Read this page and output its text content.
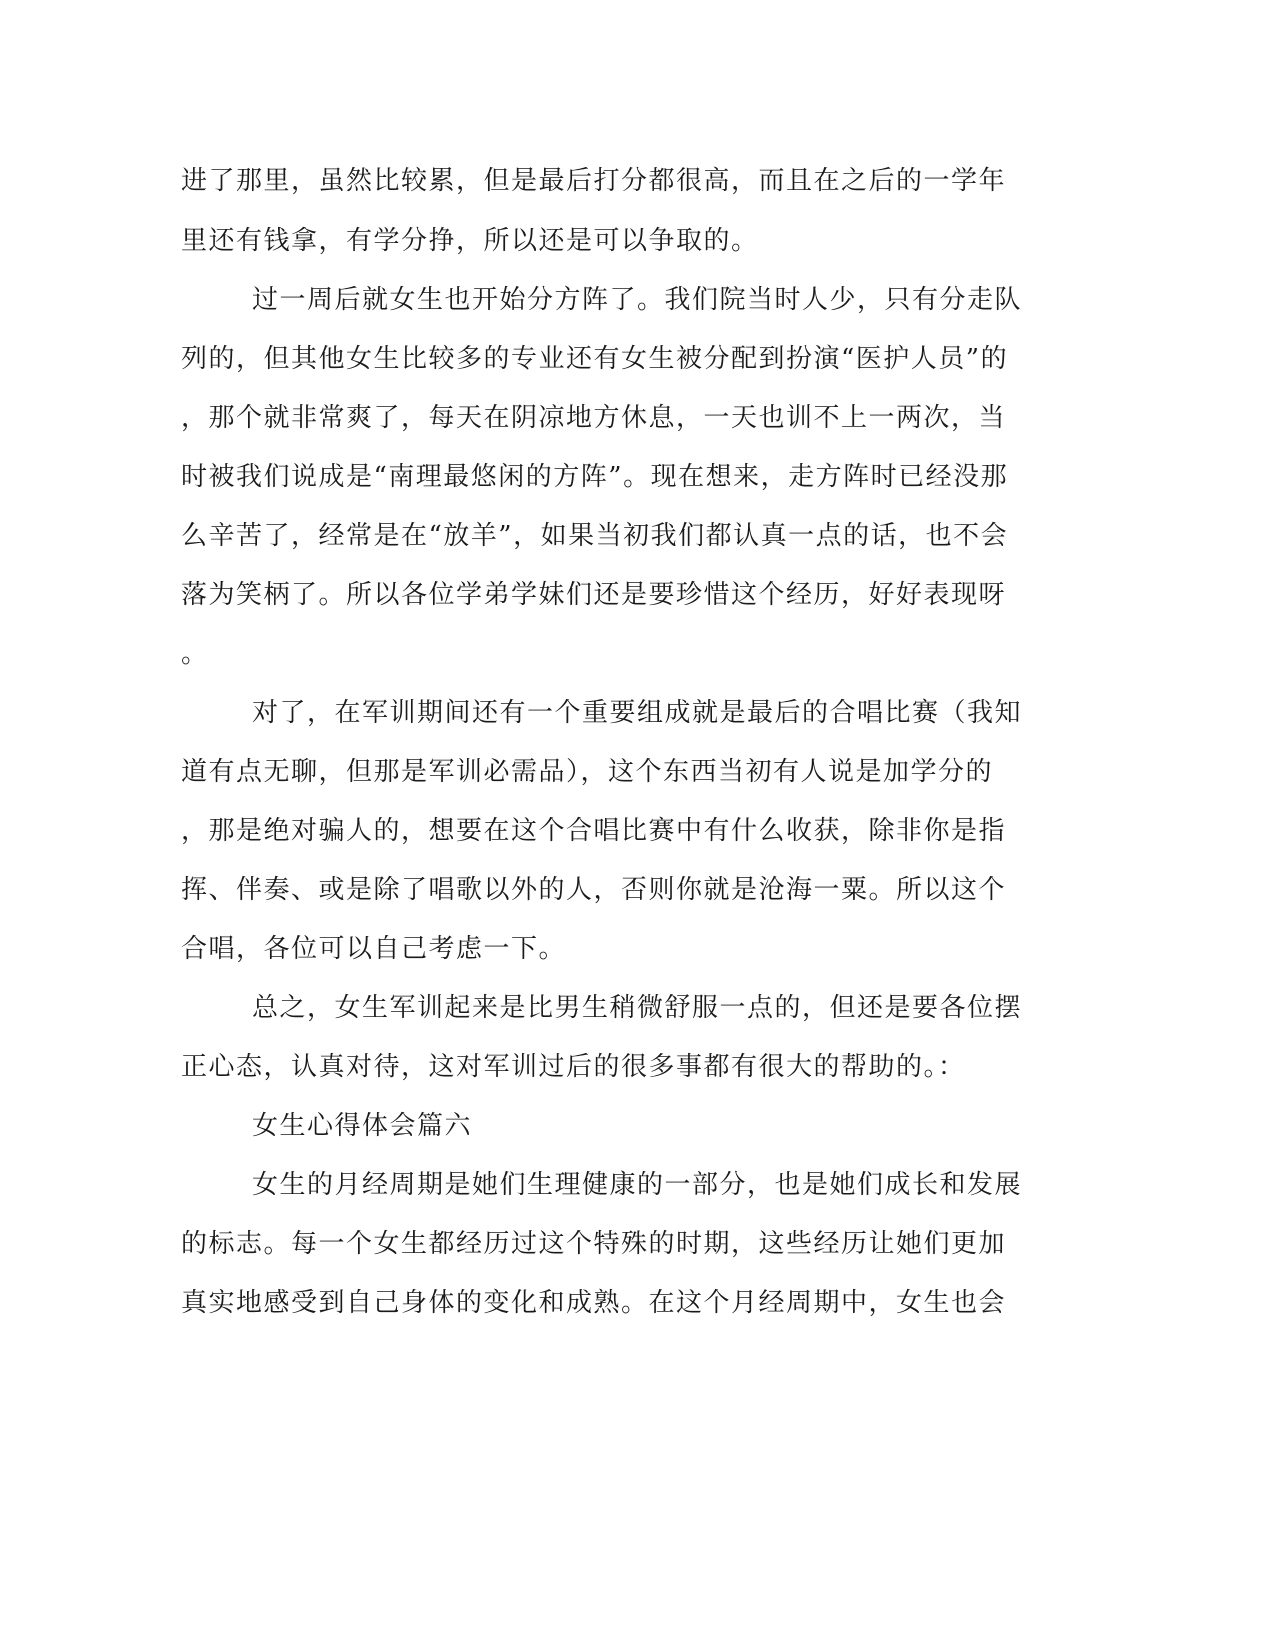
进了那里，虽然比较累，但是最后打分都很高，而且在之后的一学年
里还有钱拿，有学分挣，所以还是可以争取的。
过一周后就女生也开始分方阵了。我们院当时人少，只有分走队
列的，但其他女生比较多的专业还有女生被分配到扮演“医护人员”的
，那个就非常爽了，每天在阴凉地方休息，一天也训不上一两次，当
时被我们说成是“南理最悠闲的方阵”。现在想来，走方阵时已经没那
么辛苦了，经常是在“放羊”，如果当初我们都认真一点的话，也不会
落为笑柄了。所以各位学弟学妹们还是要珍惜这个经历，好好表现呀
。
对了，在军训期间还有一个重要组成就是最后的合唱比赛（我知
道有点无聊，但那是军训必需品），这个东西当初有人说是加学分的
，那是绝对骗人的，想要在这个合唱比赛中有什么收获，除非你是指
挥、伴奏、或是除了唱歌以外的人，否则你就是沧海一粟。所以这个
合唱，各位可以自己考虑一下。
总之，女生军训起来是比男生稍微舒服一点的，但还是要各位摆
正心态，认真对待，这对军训过后的很多事都有很大的帮助的。：
女生心得体会篇六
女生的月经周期是她们生理健康的一部分，也是她们成长和发展
的标志。每一个女生都经历过这个特殊的时期，这些经历让她们更加
真实地感受到自己身体的变化和成熟。在这个月经周期中，女生也会
